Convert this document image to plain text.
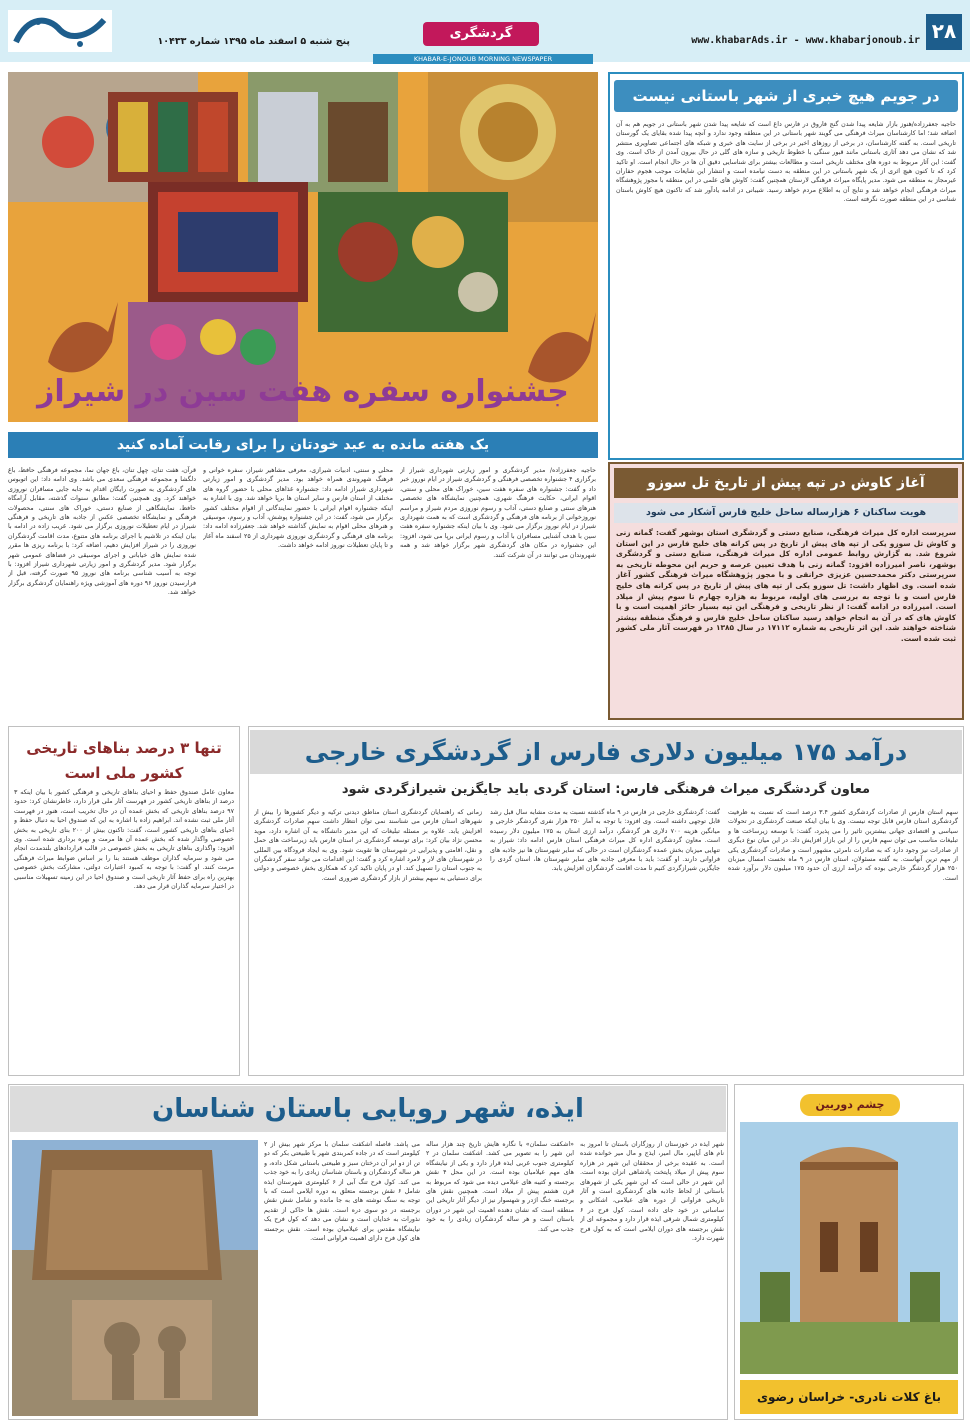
۲۸
www.khabarAds.ir - www.khabarjonoub.ir
گردشگری
KHABAR-E-JONOUB MORNING NEWSPAPER
پنج شنبه ۵ اسفند ماه ۱۳۹۵ شماره ۱۰۴۳۳
جشنواره سفره هفت سین در شیراز
یک هفته مانده به عید خودتان را برای رقابت آماده کنید
حاجیه جعفرزاده/ مدیر گردشگری و امور زیارتی شهرداری شیراز از برگزاری ۴ جشنواره تخصصی فرهنگی و گردشگری شیراز در ایام نوروز خبر داد و گفت: جشنواره های سفره هفت سین، خوراک های محلی و سنتی، اقوام ایرانی، حکایت فرهنگ شهری، همچنین نمایشگاه های تخصصی هنرهای سنتی و صنایع دستی، آداب و رسوم نوروزی مردم شیراز و مراسم نوروزخوانی از برنامه های فرهنگی و گردشگری است که به همت شهرداری شیراز در ایام نوروز برگزار می شود. وی با بیان اینکه جشنواره سفره هفت سین با هدف آشنایی مسافران با آداب و رسوم ایرانی برپا می شود، افزود: این جشنواره در مکان های گردشگری شهر برگزار خواهد شد و همه شهروندان می توانند در آن شرکت کنند.
محلی و سنتی، ادبیات شیرازی، معرفی مشاهیر شیراز، سفره خوانی و فرهنگ شهروندی همراه خواهد بود. مدیر گردشگری و امور زیارتی شهرداری شیراز ادامه داد: جشنواره غذاهای محلی با حضور گروه های مختلف از استان فارس و سایر استان ها برپا خواهد شد. وی با اشاره به اینکه جشنواره اقوام ایرانی با حضور نمایندگانی از اقوام مختلف کشور برگزار می شود، گفت: در این جشنواره پوشش، آداب و رسوم، موسیقی و هنرهای محلی اقوام به نمایش گذاشته خواهد شد. جعفرزاده ادامه داد: برنامه های فرهنگی و گردشگری نوروزی شهرداری از ۲۵ اسفند ماه آغاز و تا پایان تعطیلات نوروز ادامه خواهد داشت.
قرآن، هفت تنان، چهل تنان، باغ جهان نما، مجموعه فرهنگی حافظ، باغ دلگشا و مجموعه فرهنگی سعدی می باشد. وی ادامه داد: این اتوبوس های گردشگری به صورت رایگان اقدام به جابه جایی مسافران نوروزی خواهند کرد. وی همچنین گفت: مطابق سنوات گذشته، مقابل آرامگاه حافظ، نمایشگاهی از صنایع دستی، خوراک های سنتی، محصولات فرهنگی و نمایشگاه تخصصی عکس از جاذبه های تاریخی و فرهنگی شیراز در ایام تعطیلات نوروزی برگزار می شود. غریب زاده در ادامه با بیان اینکه در تلاشیم با اجرای برنامه های متنوع، مدت اقامت گردشگران نوروزی را در شیراز افزایش دهیم، اضافه کرد: با برنامه ریزی ها مقرر شده نمایش های خیابانی و اجرای موسیقی در فضاهای عمومی شهر برگزار شود. مدیر گردشگری و امور زیارتی شهرداری شیراز افزود: با توجه به آسیب شناسی برنامه های نوروز ۹۵ صورت گرفته، قبل از فرارسیدن نوروز ۹۶ دوره های آموزشی ویژه راهنمایان گردشگری برگزار خواهد شد.
در جویم هیچ خبری از شهر باستانی نیست
حاجیه جعفرزاده/هنوز بازار شایعه پیدا شدن گنج فاروق در فارس داغ است که شایعه پیدا شدن شهر باستانی در جویم هم به آن اضافه شد؛ اما کارشناسان میراث فرهنگی می گویند شهر باستانی در این منطقه وجود ندارد و آنچه پیدا شده بقایای یک گورستان تاریخی است. به گفته کارشناسان، در برخی از روزهای اخیر در برخی از سایت های خبری و شبکه های اجتماعی تصاویری منتشر شد که نشان می دهد آثاری باستانی مانند قبور سنگی با خطوط تاریخی و سازه های گلی در حال بیرون آمدن از خاک است. وی گفت: این آثار مربوط به دوره های مختلف تاریخی است و مطالعات بیشتر برای شناسایی دقیق آن ها در حال انجام است. او تاکید کرد که تا کنون هیچ اثری از یک شهر باستانی در این منطقه به دست نیامده است و انتشار این شایعات موجب هجوم حفاران غیرمجاز به منطقه می شود. مدیر پایگاه میراث فرهنگی لارستان همچنین گفت: کاوش های علمی در این منطقه با مجوز پژوهشگاه میراث فرهنگی انجام خواهد شد و نتایج آن به اطلاع مردم خواهد رسید. شیبانی در ادامه یادآور شد که تاکنون هیچ کاوش باستان شناسی در این منطقه صورت نگرفته است.
آغاز کاوش در تپه پیش از تاریخ تل سوزو
هویت ساکنان ۶ هزارساله ساحل خلیج فارس آشکار می شود
سرپرست اداره کل میراث فرهنگی، صنایع دستی و گردشگری استان بوشهر گفت: گمانه زنی و کاوش تل سوزو یکی از تپه های پیش از تاریخ در پس کرانه های خلیج فارس در این استان شروع شد. به گزارش روابط عمومی اداره کل میراث فرهنگی، صنایع دستی و گردشگری بوشهر، ناصر امیرزاده افزود: گمانه زنی با هدف تعیین عرصه و حریم این محوطه تاریخی به سرپرستی دکتر محمدحسین عزیزی خرانقی و با مجوز پژوهشگاه میراث فرهنگی کشور آغاز شده است. وی اظهار داشت: تل سوزو یکی از تپه های پیش از تاریخ در پس کرانه های خلیج فارس است و با توجه به بررسی های اولیه، مربوط به هزاره چهارم تا سوم پیش از میلاد است. امیرزاده در ادامه گفت: از نظر تاریخی و فرهنگی این تپه بسیار حائز اهمیت است و با کاوش های که در آن به انجام خواهد رسید ساکنان ساحل خلیج فارس و فرهنگ منطقه بیشتر شناخته خواهند شد. این اثر تاریخی به شماره ۱۷۱۱۲ در سال ۱۳۸۵ در فهرست آثار ملی کشور ثبت شده است.
تنها ۳ درصد بناهای تاریخی کشور ملی است
معاون عامل صندوق حفظ و احیای بناهای تاریخی و فرهنگی کشور با بیان اینکه ۳ درصد از بناهای تاریخی کشور در فهرست آثار ملی قرار دارد، خاطرنشان کرد: حدود ۹۷ درصد بناهای تاریخی که بخش عمده آن در حال تخریب است، هنوز در فهرست آثار ملی ثبت نشده اند. ابراهیم زاده با اشاره به این که صندوق احیا به دنبال حفظ و احیای بناهای تاریخی کشور است، گفت: تاکنون بیش از ۲۰۰ بنای تاریخی به بخش خصوصی واگذار شده که بخش عمده آن ها مرمت و بهره برداری شده است. وی افزود: واگذاری بناهای تاریخی به بخش خصوصی در قالب قراردادهای بلندمدت انجام می شود و سرمایه گذاران موظف هستند بنا را بر اساس ضوابط میراث فرهنگی مرمت کنند. او گفت: با توجه به کمبود اعتبارات دولتی، مشارکت بخش خصوصی بهترین راه برای حفظ آثار تاریخی است و صندوق احیا در این زمینه تسهیلات مناسبی در اختیار سرمایه گذاران قرار می دهد.
درآمد ۱۷۵ میلیون دلاری فارس از گردشگری خارجی
معاون گردشگری میراث فرهنگی فارس: استان گردی باید جایگزین شیرازگردی شود
سهم استان فارس از صادرات گردشگری کشور ۳.۴ درصد است که نسبت به ظرفیت گردشگری استان فارس قابل توجه نیست. وی با بیان اینکه صنعت گردشگری در تحولات سیاسی و اقتصادی جهانی بیشترین تاثیر را می پذیرد، گفت: با توسعه زیرساخت ها و تبلیغات مناسب می توان سهم فارس را از این بازار افزایش داد. در این میان نوع دیگری از صادرات نیز وجود دارد که به صادرات نامرئی مشهور است و صادرات گردشگری یکی از مهم ترین آنهاست. به گفته مسئولان، استان فارس در ۹ ماه نخست امسال میزبان ۲۵۰ هزار گردشگر خارجی بوده که درآمد ارزی آن حدود ۱۷۵ میلیون دلار برآورد شده است.
گفت: گردشگری خارجی در فارس در ۹ ماه گذشته نسبت به مدت مشابه سال قبل رشد قابل توجهی داشته است. وی افزود: با توجه به آمار ۲۵۰ هزار نفری گردشگر خارجی و میانگین هزینه ۷۰۰ دلاری هر گردشگر، درآمد ارزی استان به ۱۷۵ میلیون دلار رسیده است. معاون گردشگری اداره کل میراث فرهنگی استان فارس ادامه داد: شیراز به تنهایی میزبان بخش عمده گردشگران است در حالی که سایر شهرستان ها نیز جاذبه های فراوانی دارند. او گفت: باید با معرفی جاذبه های سایر شهرستان ها، استان گردی را جایگزین شیرازگردی کنیم تا مدت اقامت گردشگران افزایش یابد.
زمانی که راهنمایان گردشگری استان مناطق دیدنی ترکیه و دیگر کشورها را بیش از شهرهای استان فارس می شناسند نمی توان انتظار داشت سهم صادرات گردشگری افزایش یابد. علاوه بر مسئله تبلیغات که این مدیر دانشگاه به آن اشاره دارد، موید محسن نژاد بیان کرد: برای توسعه گردشگری در استان فارس باید زیرساخت های حمل و نقل، اقامتی و پذیرایی در شهرستان ها تقویت شود. وی به ایجاد فرودگاه بین المللی در شهرستان های لار و لامرد اشاره کرد و گفت: این اقدامات می تواند سفر گردشگران به جنوب استان را تسهیل کند. او در پایان تاکید کرد که همکاری بخش خصوصی و دولتی برای دستیابی به سهم بیشتر از بازار گردشگری ضروری است.
ایذه، شهر رویایی باستان شناسان
شهر ایذه در خوزستان از روزگاران باستان تا امروز به نام های آیاپیر، مال امیر، ایذج و مال میر خوانده شده است. به عقیده برخی از محققان این شهر در هزاره سوم پیش از میلاد پایتخت پادشاهی انزان بوده است. این شهر در حالی است که این شهر یکی از شهرهای باستانی از لحاظ جاذبه های گردشگری است و آثار تاریخی فراوانی از دوره های عیلامی، اشکانی و ساسانی در خود جای داده است. کول فرح در ۶ کیلومتری شمال شرقی ایذه قرار دارد و مجموعه ای از نقش برجسته های دوران ایلامی است که به کول فرح شهرت دارد.
«اشکفت سلمان» با نگاره هایش تاریخ چند هزار ساله این شهر را به تصویر می کشد. اشکفت سلمان در ۲ کیلومتری جنوب غربی ایذه قرار دارد و یکی از نیایشگاه های مهم عیلامیان بوده است. در این محل ۴ نقش برجسته و کتیبه های عیلامی دیده می شود که مربوط به قرن هشتم پیش از میلاد است. همچنین نقش های برجسته خنگ اژدر و شهسوار نیز از دیگر آثار تاریخی این منطقه است که نشان دهنده اهمیت این شهر در دوران باستان است و هر ساله گردشگران زیادی را به خود جذب می کند.
می پاشد. فاصله اشکفت سلمان با مرکز شهر بیش از ۲ کیلومتر است که در جاده کمربندی شهر با طبیعتی بکر که دو تن از دو ابر آن درختان سبز و طبیعتی باستانی شکل داده، و هر ساله گردشگران و باستان شناسان زیادی را به خود جذب می کند. کول فرح تنگ آبی از ۶ کیلومتری شهرستان ایذه شامل ۶ نقش برجسته متعلق به دوره ایلامی است که با توجه به سنگ نوشته های به جا مانده و شامل شش نقش برجسته در دو سوی دره است. نقش ها حاکی از تقدیم نذورات به خدایان است و نشان می دهد که کول فرح یک نیایشگاه مقدس برای عیلامیان بوده است. نقش برجسته های کول فرح دارای اهمیت فراوانی است.
چشم دوربین
باغ کلات نادری- خراسان رضوی
